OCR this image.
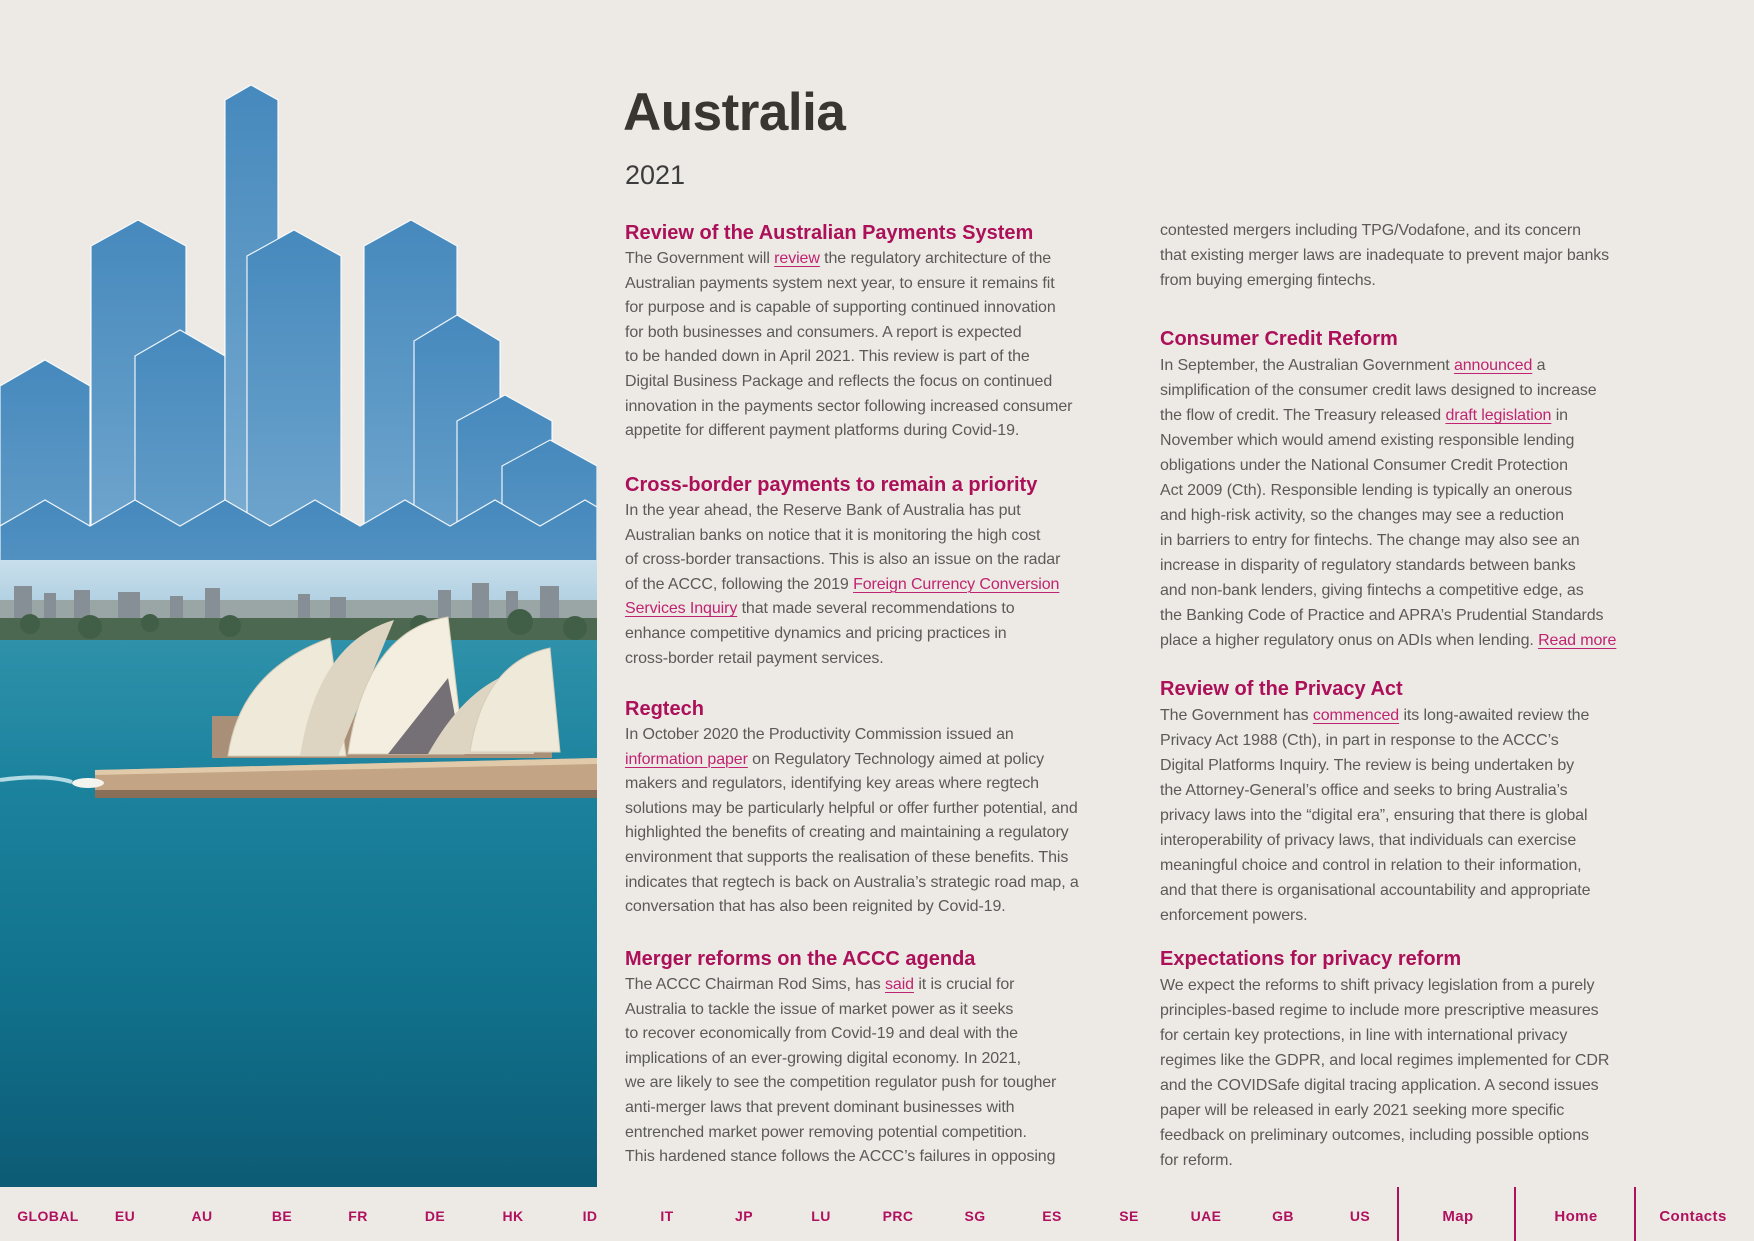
Australia
2021
Review of the Australian Payments System
The Government will review the regulatory architecture of the
Australian payments system next year, to ensure it remains fit
for purpose and is capable of supporting continued innovation
for both businesses and consumers. A report is expected
to be handed down in April 2021. This review is part of the
Digital Business Package and reflects the focus on continued
innovation in the payments sector following increased consumer
appetite for different payment platforms during Covid-19.
Cross-border payments to remain a priority
In the year ahead, the Reserve Bank of Australia has put
Australian banks on notice that it is monitoring the high cost
of cross-border transactions. This is also an issue on the radar
of the ACCC, following the 2019 Foreign Currency Conversion
Services Inquiry that made several recommendations to
enhance competitive dynamics and pricing practices in
cross-border retail payment services.
Regtech
In October 2020 the Productivity Commission issued an
information paper on Regulatory Technology aimed at policy
makers and regulators, identifying key areas where regtech
solutions may be particularly helpful or offer further potential, and
highlighted the benefits of creating and maintaining a regulatory
environment that supports the realisation of these benefits. This
indicates that regtech is back on Australia’s strategic road map, a
conversation that has also been reignited by Covid-19.
Merger reforms on the ACCC agenda
The ACCC Chairman Rod Sims, has said it is crucial for
Australia to tackle the issue of market power as it seeks
to recover economically from Covid-19 and deal with the
implications of an ever-growing digital economy. In 2021,
we are likely to see the competition regulator push for tougher
anti-merger laws that prevent dominant businesses with
entrenched market power removing potential competition.
This hardened stance follows the ACCC’s failures in opposing
contested mergers including TPG/Vodafone, and its concern
that existing merger laws are inadequate to prevent major banks
from buying emerging fintechs.
Consumer Credit Reform
In September, the Australian Government announced a
simplification of the consumer credit laws designed to increase
the flow of credit. The Treasury released draft legislation in
November which would amend existing responsible lending
obligations under the National Consumer Credit Protection
Act 2009 (Cth). Responsible lending is typically an onerous
and high-risk activity, so the changes may see a reduction
in barriers to entry for fintechs. The change may also see an
increase in disparity of regulatory standards between banks
and non-bank lenders, giving fintechs a competitive edge, as
the Banking Code of Practice and APRA’s Prudential Standards
place a higher regulatory onus on ADIs when lending. Read more
Review of the Privacy Act
The Government has commenced its long-awaited review the
Privacy Act 1988 (Cth), in part in response to the ACCC’s
Digital Platforms Inquiry. The review is being undertaken by
the Attorney-General’s office and seeks to bring Australia’s
privacy laws into the “digital era”, ensuring that there is global
interoperability of privacy laws, that individuals can exercise
meaningful choice and control in relation to their information,
and that there is organisational accountability and appropriate
enforcement powers.
Expectations for privacy reform
We expect the reforms to shift privacy legislation from a purely
principles-based regime to include more prescriptive measures
for certain key protections, in line with international privacy
regimes like the GDPR, and local regimes implemented for CDR
and the COVIDSafe digital tracing application. A second issues
paper will be released in early 2021 seeking more specific
feedback on preliminary outcomes, including possible options
for reform.
GLOBAL	EU	AU	BE	FR	DE	HK	ID	IT	JP	LU	PRC	SG	ES	SE	UAE	GB	US	Map	Home	Contacts
